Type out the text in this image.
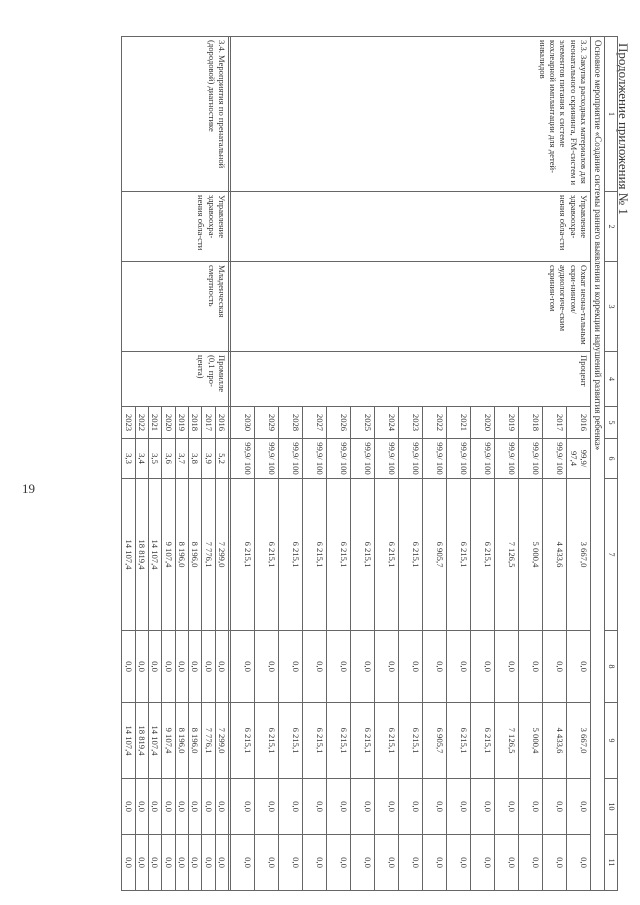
19
Продолжение приложения № 1
1	2	3	4	5	6	7	8	9	10	11
Основное мероприятие «Создание системы раннего выявления и коррекции нарушений развития ребенка»										
3.3. Закупка расходных материалов для неонатального скрининга, FM-систем и элементов питания к системе кохлеарной имплантации для детей-инвалидов	Управление здравоохра-нения обла-сти	Охват неона-тальным скри-нингом/ аудиологиче-ским скринин-гом	Процент	2016	99,9/ 97,4	3 667,0	0,0	3 667,0	0,0	0,0
				2017	99,9/ 100	4 433,6	0,0	4 433,6	0,0	0,0
				2018	99,9/ 100	5 000,4	0,0	5 000,4	0,0	0,0
				2019	99,9/ 100	7 126,5	0,0	7 126,5	0,0	0,0
				2020	99,9/ 100	6 215,1	0,0	6 215,1	0,0	0,0
				2021	99,9/ 100	6 215,1	0,0	6 215,1	0,0	0,0
				2022	99,9/ 100	6 905,7	0,0	6 905,7	0,0	0,0
				2023	99,9/ 100	6 215,1	0,0	6 215,1	0,0	0,0
				2024	99,9/ 100	6 215,1	0,0	6 215,1	0,0	0,0
				2025	99,9/ 100	6 215,1	0,0	6 215,1	0,0	0,0
				2026	99,9/ 100	6 215,1	0,0	6 215,1	0,0	0,0
				2027	99,9/ 100	6 215,1	0,0	6 215,1	0,0	0,0
				2028	99,9/ 100	6 215,1	0,0	6 215,1	0,0	0,0
				2029	99,9/ 100	6 215,1	0,0	6 215,1	0,0	0,0
				2030	99,9/ 100	6 215,1	0,0	6 215,1	0,0	0,0

3.4. Мероприятия по пренатальной (дородовой) диагностике	Управление здравоохра-нения обла-сти	Младенческая смертность	Промилле (0,1 про-цента)	2016	5,2	7 299,0	0,0	7 299,0	0,0	0,0
				2017	3,9	7 776,1	0,0	7 776,1	0,0	0,0
				2018	3,8	8 196,0	0,0	8 196,0	0,0	0,0
				2019	3,7	8 196,0	0,0	8 196,0	0,0	0,0
				2020	3,6	9 107,4	0,0	9 107,4	0,0	0,0
				2021	3,5	14 107,4	0,0	14 107,4	0,0	0,0
				2022	3,4	18 819,4	0,0	18 819,4	0,0	0,0
				2023	3,3	14 107,4	0,0	14 107,4	0,0	0,0
